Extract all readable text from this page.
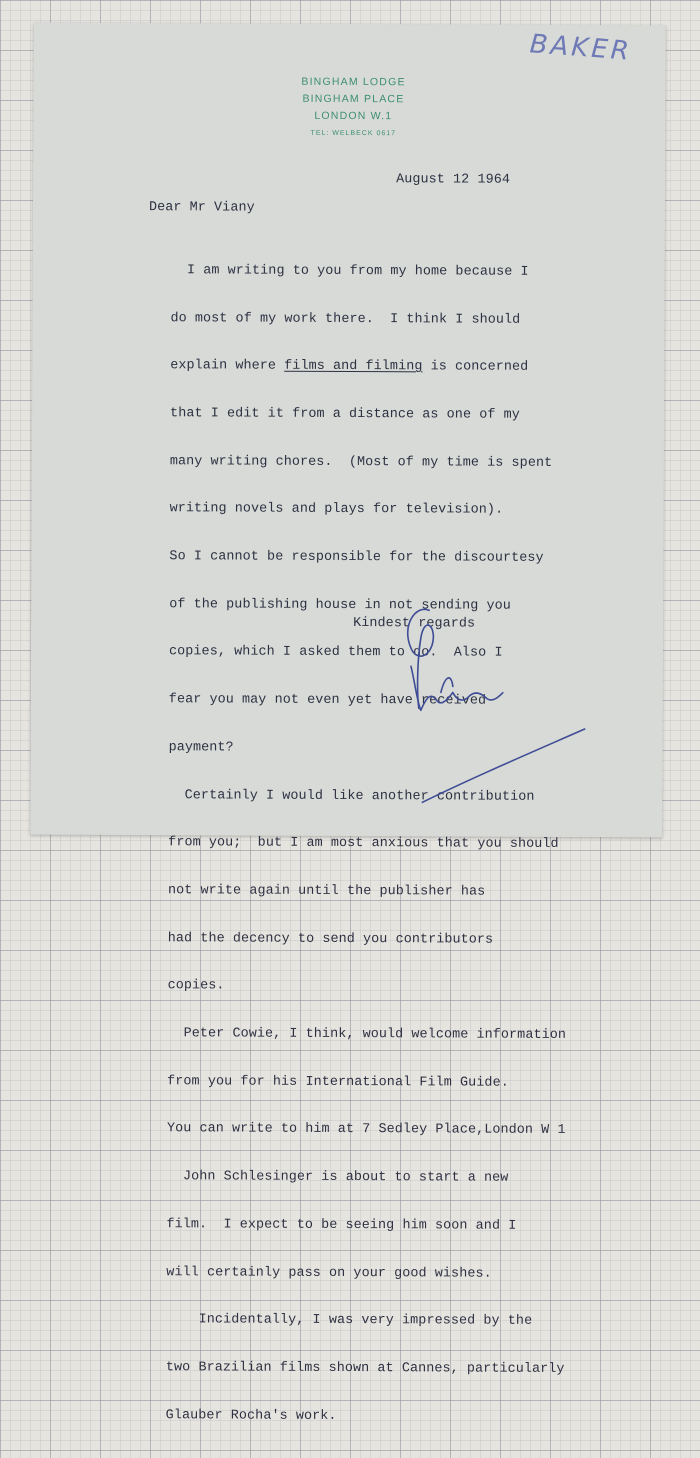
BAKER
BINGHAM LODGE
BINGHAM PLACE
LONDON W.1
TEL: WELBECK 0617
August 12 1964
Dear Mr Viany

I am writing to you from my home because I

do most of my work there.  I think I should

explain where films and filming is concerned

that I edit it from a distance as one of my

many writing chores.  (Most of my time is spent

writing novels and plays for television).

So I cannot be responsible for the discourtesy

of the publishing house in not sending you

copies, which I asked them to do.  Also I

fear you may not even yet have received

payment?

Certainly I would like another contribution

from you;  but I am most anxious that you should

not write again until the publisher has

had the decency to send you contributors

copies.

Peter Cowie, I think, would welcome information

from you for his International Film Guide.

You can write to him at 7 Sedley Place,London W 1

John Schlesinger is about to start a new

film.  I expect to be seeing him soon and I

will certainly pass on your good wishes.

Incidentally, I was very impressed by the

two Brazilian films shown at Cannes, particularly

Glauber Rocha's work.

Kindest regards
